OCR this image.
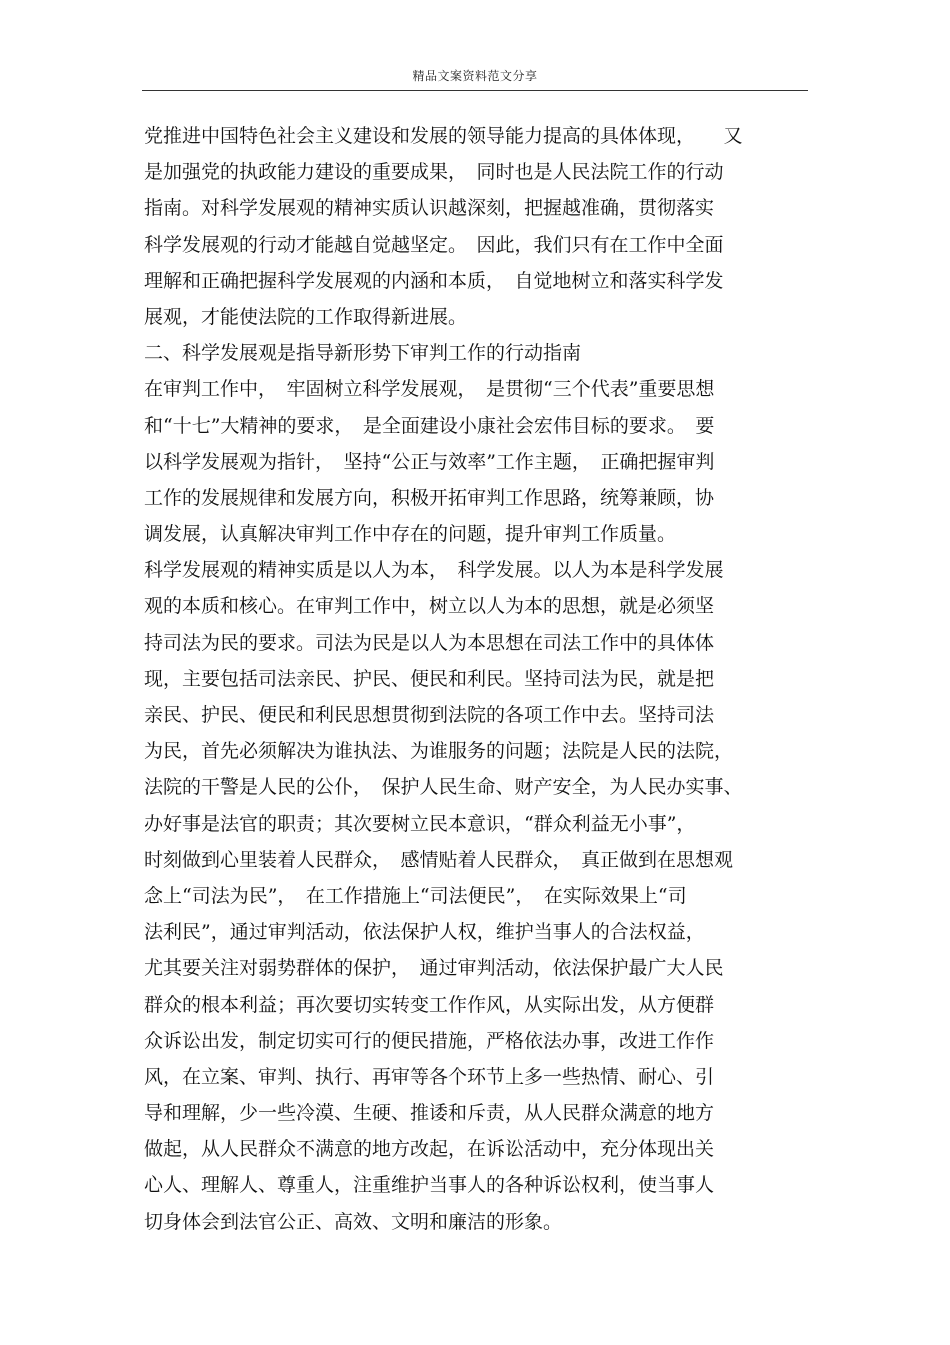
精品文案资料范文分享
党推进中国特色社会主义建设和发展的领导能力提高的具体体现，　　又
是加强党的执政能力建设的重要成果，　同时也是人民法院工作的行动
指南。对科学发展观的精神实质认识越深刻，把握越准确，贯彻落实
科学发展观的行动才能越自觉越坚定。　因此，我们只有在工作中全面
理解和正确把握科学发展观的内涵和本质，　自觉地树立和落实科学发
展观，才能使法院的工作取得新进展。
二、科学发展观是指导新形势下审判工作的行动指南
在审判工作中，　牢固树立科学发展观，　是贯彻“三个代表”重要思想
和“十七”大精神的要求，　是全面建设小康社会宏伟目标的要求。　要
以科学发展观为指针，　坚持“公正与效率”工作主题，　正确把握审判
工作的发展规律和发展方向，积极开拓审判工作思路，统筹兼顾，协
调发展，认真解决审判工作中存在的问题，提升审判工作质量。
科学发展观的精神实质是以人为本，　科学发展。以人为本是科学发展
观的本质和核心。在审判工作中，树立以人为本的思想，就是必须坚
持司法为民的要求。司法为民是以人为本思想在司法工作中的具体体
现，主要包括司法亲民、护民、便民和利民。坚持司法为民，就是把
亲民、护民、便民和利民思想贯彻到法院的各项工作中去。坚持司法
为民，首先必须解决为谁执法、为谁服务的问题；法院是人民的法院，
法院的干警是人民的公仆，　保护人民生命、财产安全，为人民办实事、
办好事是法官的职责；其次要树立民本意识，“群众利益无小事”，
时刻做到心里装着人民群众，　感情贴着人民群众，　真正做到在思想观
念上“司法为民”，　在工作措施上“司法便民”，　在实际效果上“司
法利民”，通过审判活动，依法保护人权，维护当事人的合法权益，
尤其要关注对弱势群体的保护，　通过审判活动，依法保护最广大人民
群众的根本利益；再次要切实转变工作作风，从实际出发，从方便群
众诉讼出发，制定切实可行的便民措施，严格依法办事，改进工作作
风，在立案、审判、执行、再审等各个环节上多一些热情、耐心、引
导和理解，少一些冷漠、生硬、推诿和斥责，从人民群众满意的地方
做起，从人民群众不满意的地方改起，在诉讼活动中，充分体现出关
心人、理解人、尊重人，注重维护当事人的各种诉讼权利，使当事人
切身体会到法官公正、高效、文明和廉洁的形象。
